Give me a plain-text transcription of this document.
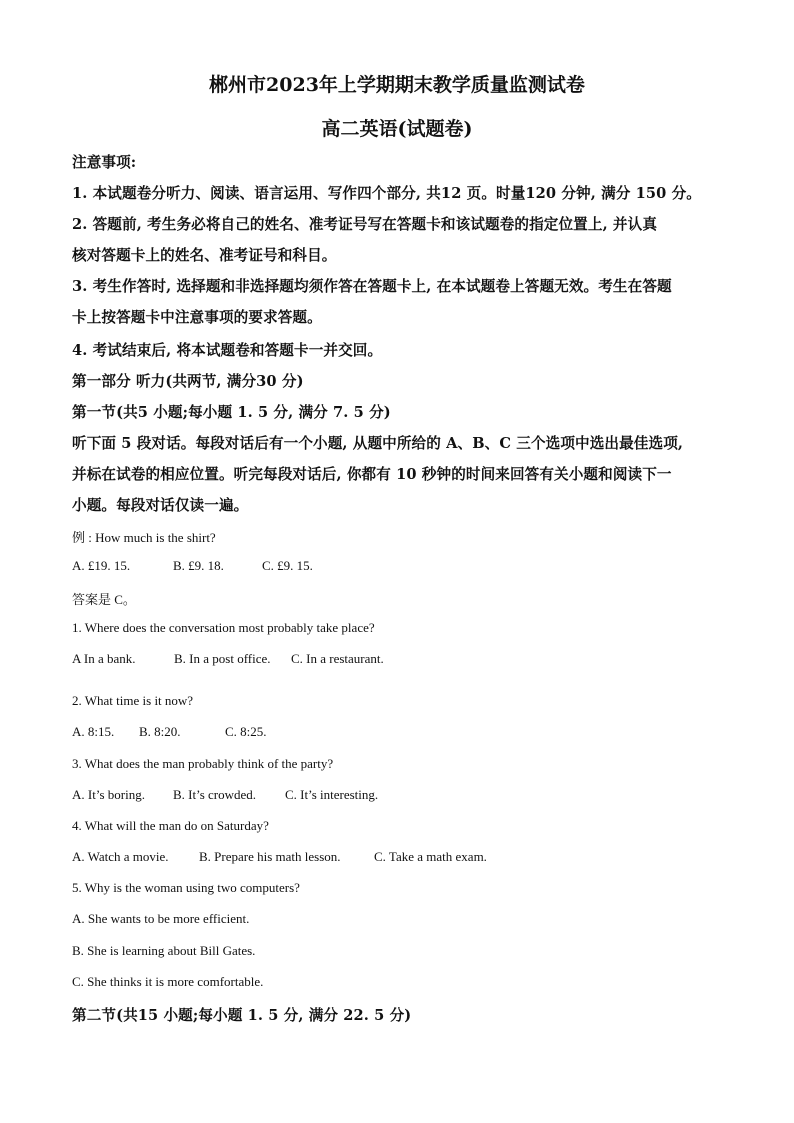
郴州市2023年上学期期末教学质量监测试卷
高二英语(试题卷)
注意事项:
1. 本试题卷分听力、阅读、语言运用、写作四个部分, 共12 页。时量120 分钟, 满分 150 分。
2. 答题前, 考生务必将自己的姓名、准考证号写在答题卡和该试题卷的指定位置上, 并认真
核对答题卡上的姓名、准考证号和科目。
3. 考生作答时, 选择题和非选择题均须作答在答题卡上, 在本试题卷上答题无效。考生在答题
卡上按答题卡中注意事项的要求答题。
4. 考试结束后, 将本试题卷和答题卡一并交回。
第一部分 听力(共两节, 满分30 分)
第一节(共5 小题;每小题 1. 5 分, 满分 7. 5 分)
听下面 5 段对话。每段对话后有一个小题, 从题中所给的 A、B、C 三个选项中选出最佳选项,
并标在试卷的相应位置。听完每段对话后, 你都有 10 秒钟的时间来回答有关小题和阅读下一
小题。每段对话仅读一遍。
例 : How much is the shirt?
A. £19. 15.	B. £9. 18.	C. £9. 15.
答案是 C。
1. Where does the conversation most probably take place?
A In a bank.	B. In a post office. C. In a restaurant.
2. What time is it now?
A. 8:15. B. 8:20.	C. 8:25.
3. What does the man probably think of the party?
A. It’s boring. B. It’s crowded. C. It’s interesting.
4. What will the man do on Saturday?
A. Watch a movie. B. Prepare his math lesson.	C. Take a math exam.
5. Why is the woman using two computers?
A. She wants to be more efficient.
B. She is learning about Bill Gates.
C. She thinks it is more comfortable.
第二节(共15 小题;每小题 1. 5 分, 满分 22. 5 分)
